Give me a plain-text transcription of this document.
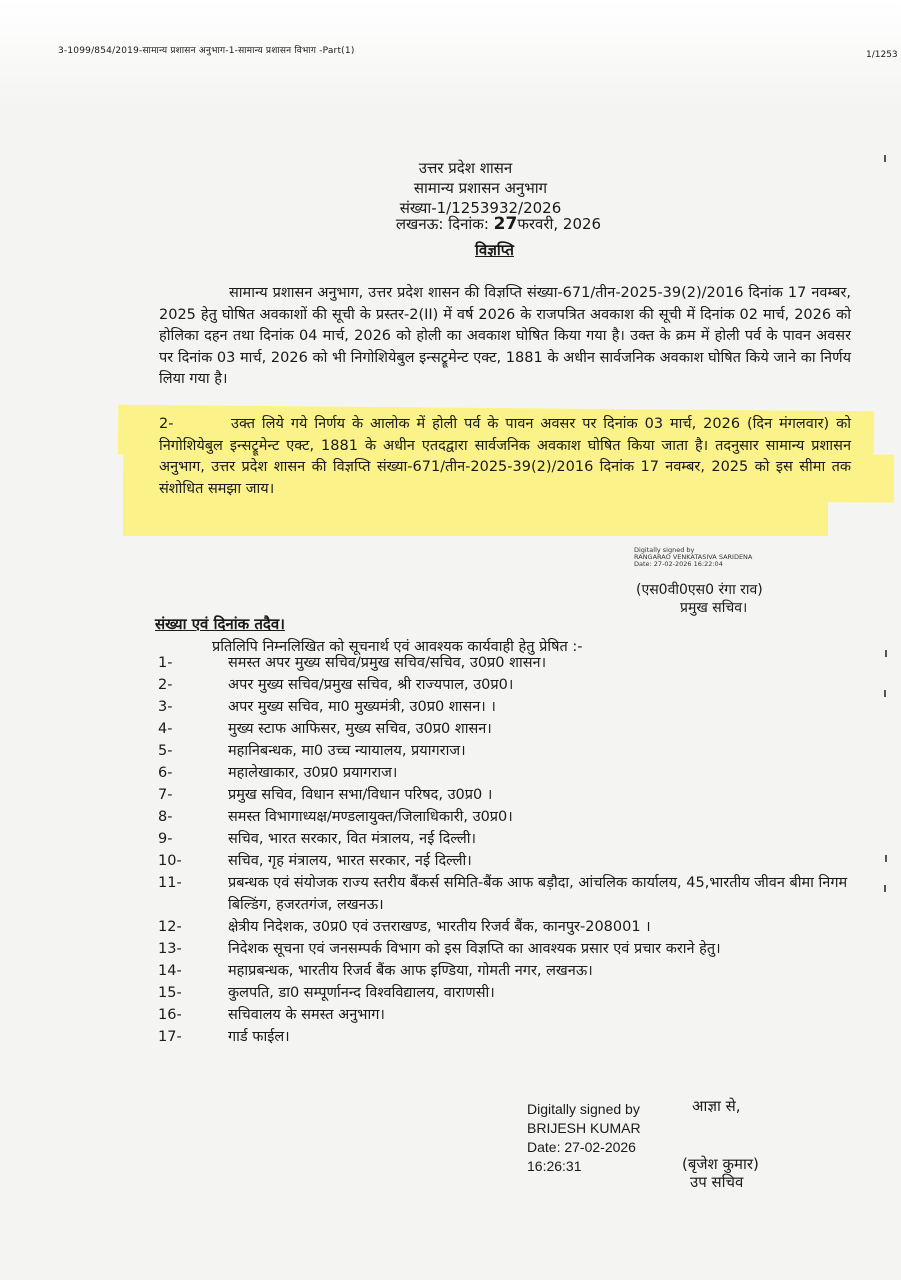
3-1099/854/2019-सामान्य प्रशासन अनुभाग-1-सामान्य प्रशासन विभाग -Part(1)	1/1253
उत्तर प्रदेश शासन
सामान्य प्रशासन अनुभाग
संख्या-1/1253932/2026
लखनऊ: दिनांक: 27फरवरी, 2026
विज्ञप्ति
सामान्य प्रशासन अनुभाग, उत्तर प्रदेश शासन की विज्ञप्ति संख्या-671/तीन-2025-39(2)/2016 दिनांक 17 नवम्बर, 2025 हेतु घोषित अवकाशों की सूची के प्रस्तर-2(II) में वर्ष 2026 के राजपत्रित अवकाश की सूची में दिनांक 02 मार्च, 2026 को होलिका दहन तथा दिनांक 04 मार्च, 2026 को होली का अवकाश घोषित किया गया है। उक्त के क्रम में होली पर्व के पावन अवसर पर दिनांक 03 मार्च, 2026 को भी निगोशियेबुल इन्सट्रूमेन्ट एक्ट, 1881 के अधीन सार्वजनिक अवकाश घोषित किये जाने का निर्णय लिया गया है।
2-	उक्त लिये गये निर्णय के आलोक में होली पर्व के पावन अवसर पर दिनांक 03 मार्च, 2026 (दिन मंगलवार) को निगोशियेबुल इन्सट्रूमेन्ट एक्ट, 1881 के अधीन एतदद्वारा सार्वजनिक अवकाश घोषित किया जाता है। तदनुसार सामान्य प्रशासन अनुभाग, उत्तर प्रदेश शासन की विज्ञप्ति संख्या-671/तीन-2025-39(2)/2016 दिनांक 17 नवम्बर, 2025 को इस सीमा तक संशोधित समझा जाय।
Digitally signed by
RANGARAO VENKATASIVA SARIDENA
Date: 27-02-2026 16:22:04
(एस0वी0एस0 रंगा राव)
प्रमुख सचिव।
संख्या एवं दिनांक तदैव।
प्रतिलिपि निम्नलिखित को सूचनार्थ एवं आवश्यक कार्यवाही हेतु प्रेषित :-
1-	समस्त अपर मुख्य सचिव/प्रमुख सचिव/सचिव, उ0प्र0 शासन।
2-	अपर मुख्य सचिव/प्रमुख सचिव, श्री राज्यपाल, उ0प्र0।
3-	अपर मुख्य सचिव, मा0 मुख्यमंत्री, उ0प्र0 शासन। ।
4-	मुख्य स्टाफ आफिसर, मुख्य सचिव, उ0प्र0 शासन।
5-	महानिबन्धक, मा0 उच्च न्यायालय, प्रयागराज।
6-	महालेखाकार, उ0प्र0 प्रयागराज।
7-	प्रमुख सचिव, विधान सभा/विधान परिषद, उ0प्र0 ।
8-	समस्त विभागाध्यक्ष/मण्डलायुक्त/जिलाधिकारी, उ0प्र0।
9-	सचिव, भारत सरकार, वित मंत्रालय, नई दिल्ली।
10-	सचिव, गृह मंत्रालय, भारत सरकार, नई दिल्ली।
11-	प्रबन्धक एवं संयोजक राज्य स्तरीय बैंकर्स समिति-बैंक आफ बड़ौदा, आंचलिक कार्यालय, 45,भारतीय जीवन बीमा निगम बिल्डिंग, हजरतगंज, लखनऊ।
12-	क्षेत्रीय निदेशक, उ0प्र0 एवं उत्तराखण्ड, भारतीय रिजर्व बैंक, कानपुर-208001 ।
13-	निदेशक सूचना एवं जनसम्पर्क विभाग को इस विज्ञप्ति का आवश्यक प्रसार एवं प्रचार कराने हेतु।
14-	महाप्रबन्धक, भारतीय रिजर्व बैंक आफ इण्डिया, गोमती नगर, लखनऊ।
15-	कुलपति, डा0 सम्पूर्णानन्द विश्वविद्यालय, वाराणसी।
16-	सचिवालय के समस्त अनुभाग।
17-	गार्ड फाईल।
Digitally signed by
BRIJESH KUMAR
Date: 27-02-2026
16:26:31
आज्ञा से,
(बृजेश कुमार)
उप सचिव
